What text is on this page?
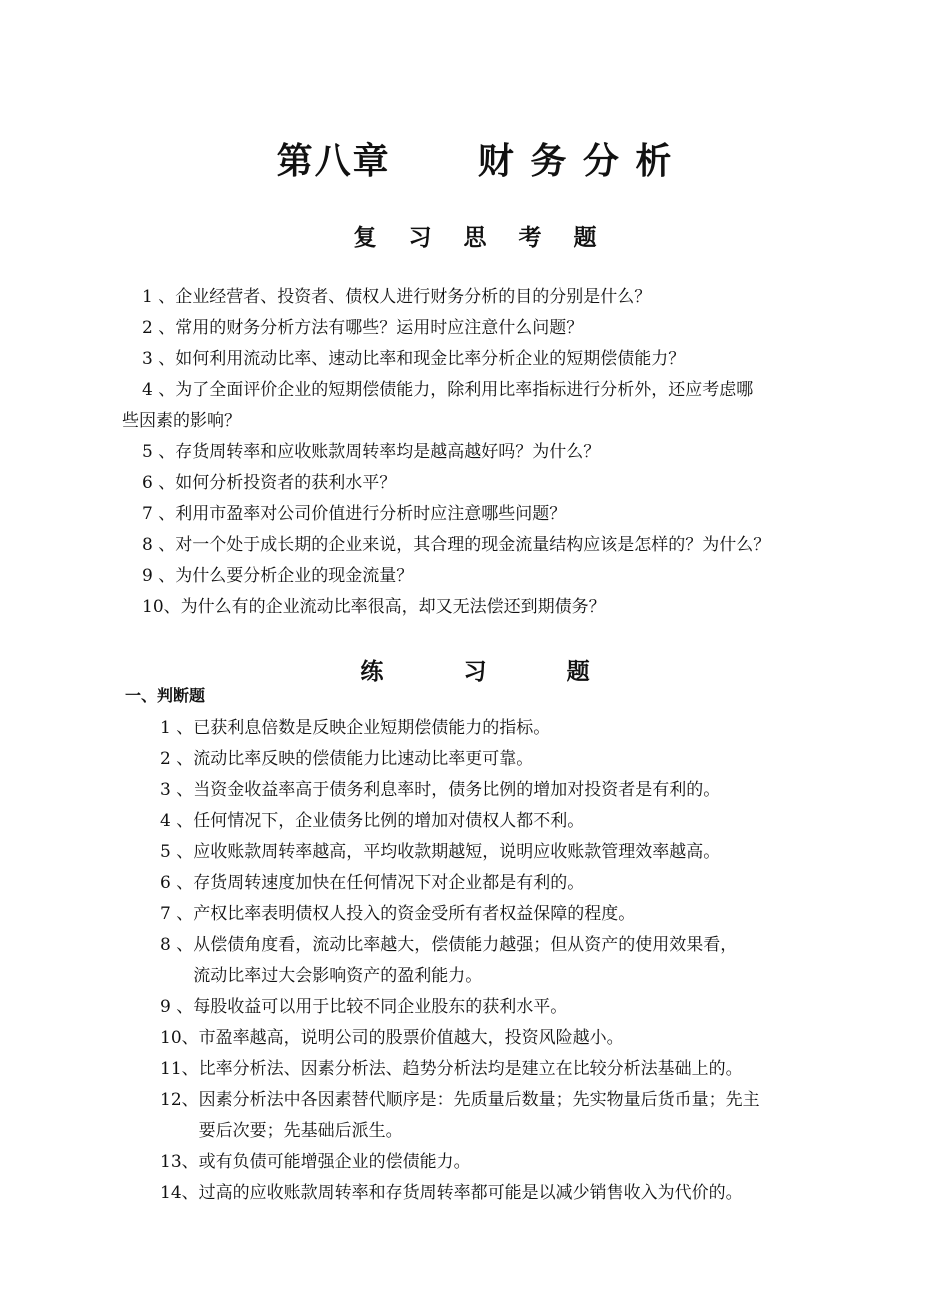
第八章      财 务 分 析
复    习    思    考    题
1 、企业经营者、投资者、债权人进行财务分析的目的分别是什么？
2 、常用的财务分析方法有哪些？运用时应注意什么问题？
3 、如何利用流动比率、速动比率和现金比率分析企业的短期偿债能力？
4 、为了全面评价企业的短期偿债能力，除利用比率指标进行分析外，还应考虑哪
些因素的影响？
5 、存货周转率和应收账款周转率均是越高越好吗？为什么？
6 、如何分析投资者的获利水平？
7 、利用市盈率对公司价值进行分析时应注意哪些问题？
8 、对一个处于成长期的企业来说，其合理的现金流量结构应该是怎样的？为什么？
9 、为什么要分析企业的现金流量？
10、为什么有的企业流动比率很高，却又无法偿还到期债务？
练          习          题
一、判断题
1 、 已获利息倍数是反映企业短期偿债能力的指标。
2 、 流动比率反映的偿债能力比速动比率更可靠。
3 、 当资金收益率高于债务利息率时，债务比例的增加对投资者是有利的。
4 、 任何情况下，企业债务比例的增加对债权人都不利。
5 、 应收账款周转率越高，平均收款期越短，说明应收账款管理效率越高。
6 、 存货周转速度加快在任何情况下对企业都是有利的。
7 、 产权比率表明债权人投入的资金受所有者权益保障的程度。
8 、 从偿债角度看，流动比率越大，偿债能力越强；但从资产的使用效果看，
流动比率过大会影响资产的盈利能力。
9 、 每股收益可以用于比较不同企业股东的获利水平。
10、 市盈率越高，说明公司的股票价值越大，投资风险越小。
11、 比率分析法、因素分析法、趋势分析法均是建立在比较分析法基础上的。
12、 因素分析法中各因素替代顺序是：先质量后数量；先实物量后货币量；先主
要后次要；先基础后派生。
13、 或有负债可能增强企业的偿债能力。
14、 过高的应收账款周转率和存货周转率都可能是以减少销售收入为代价的。
